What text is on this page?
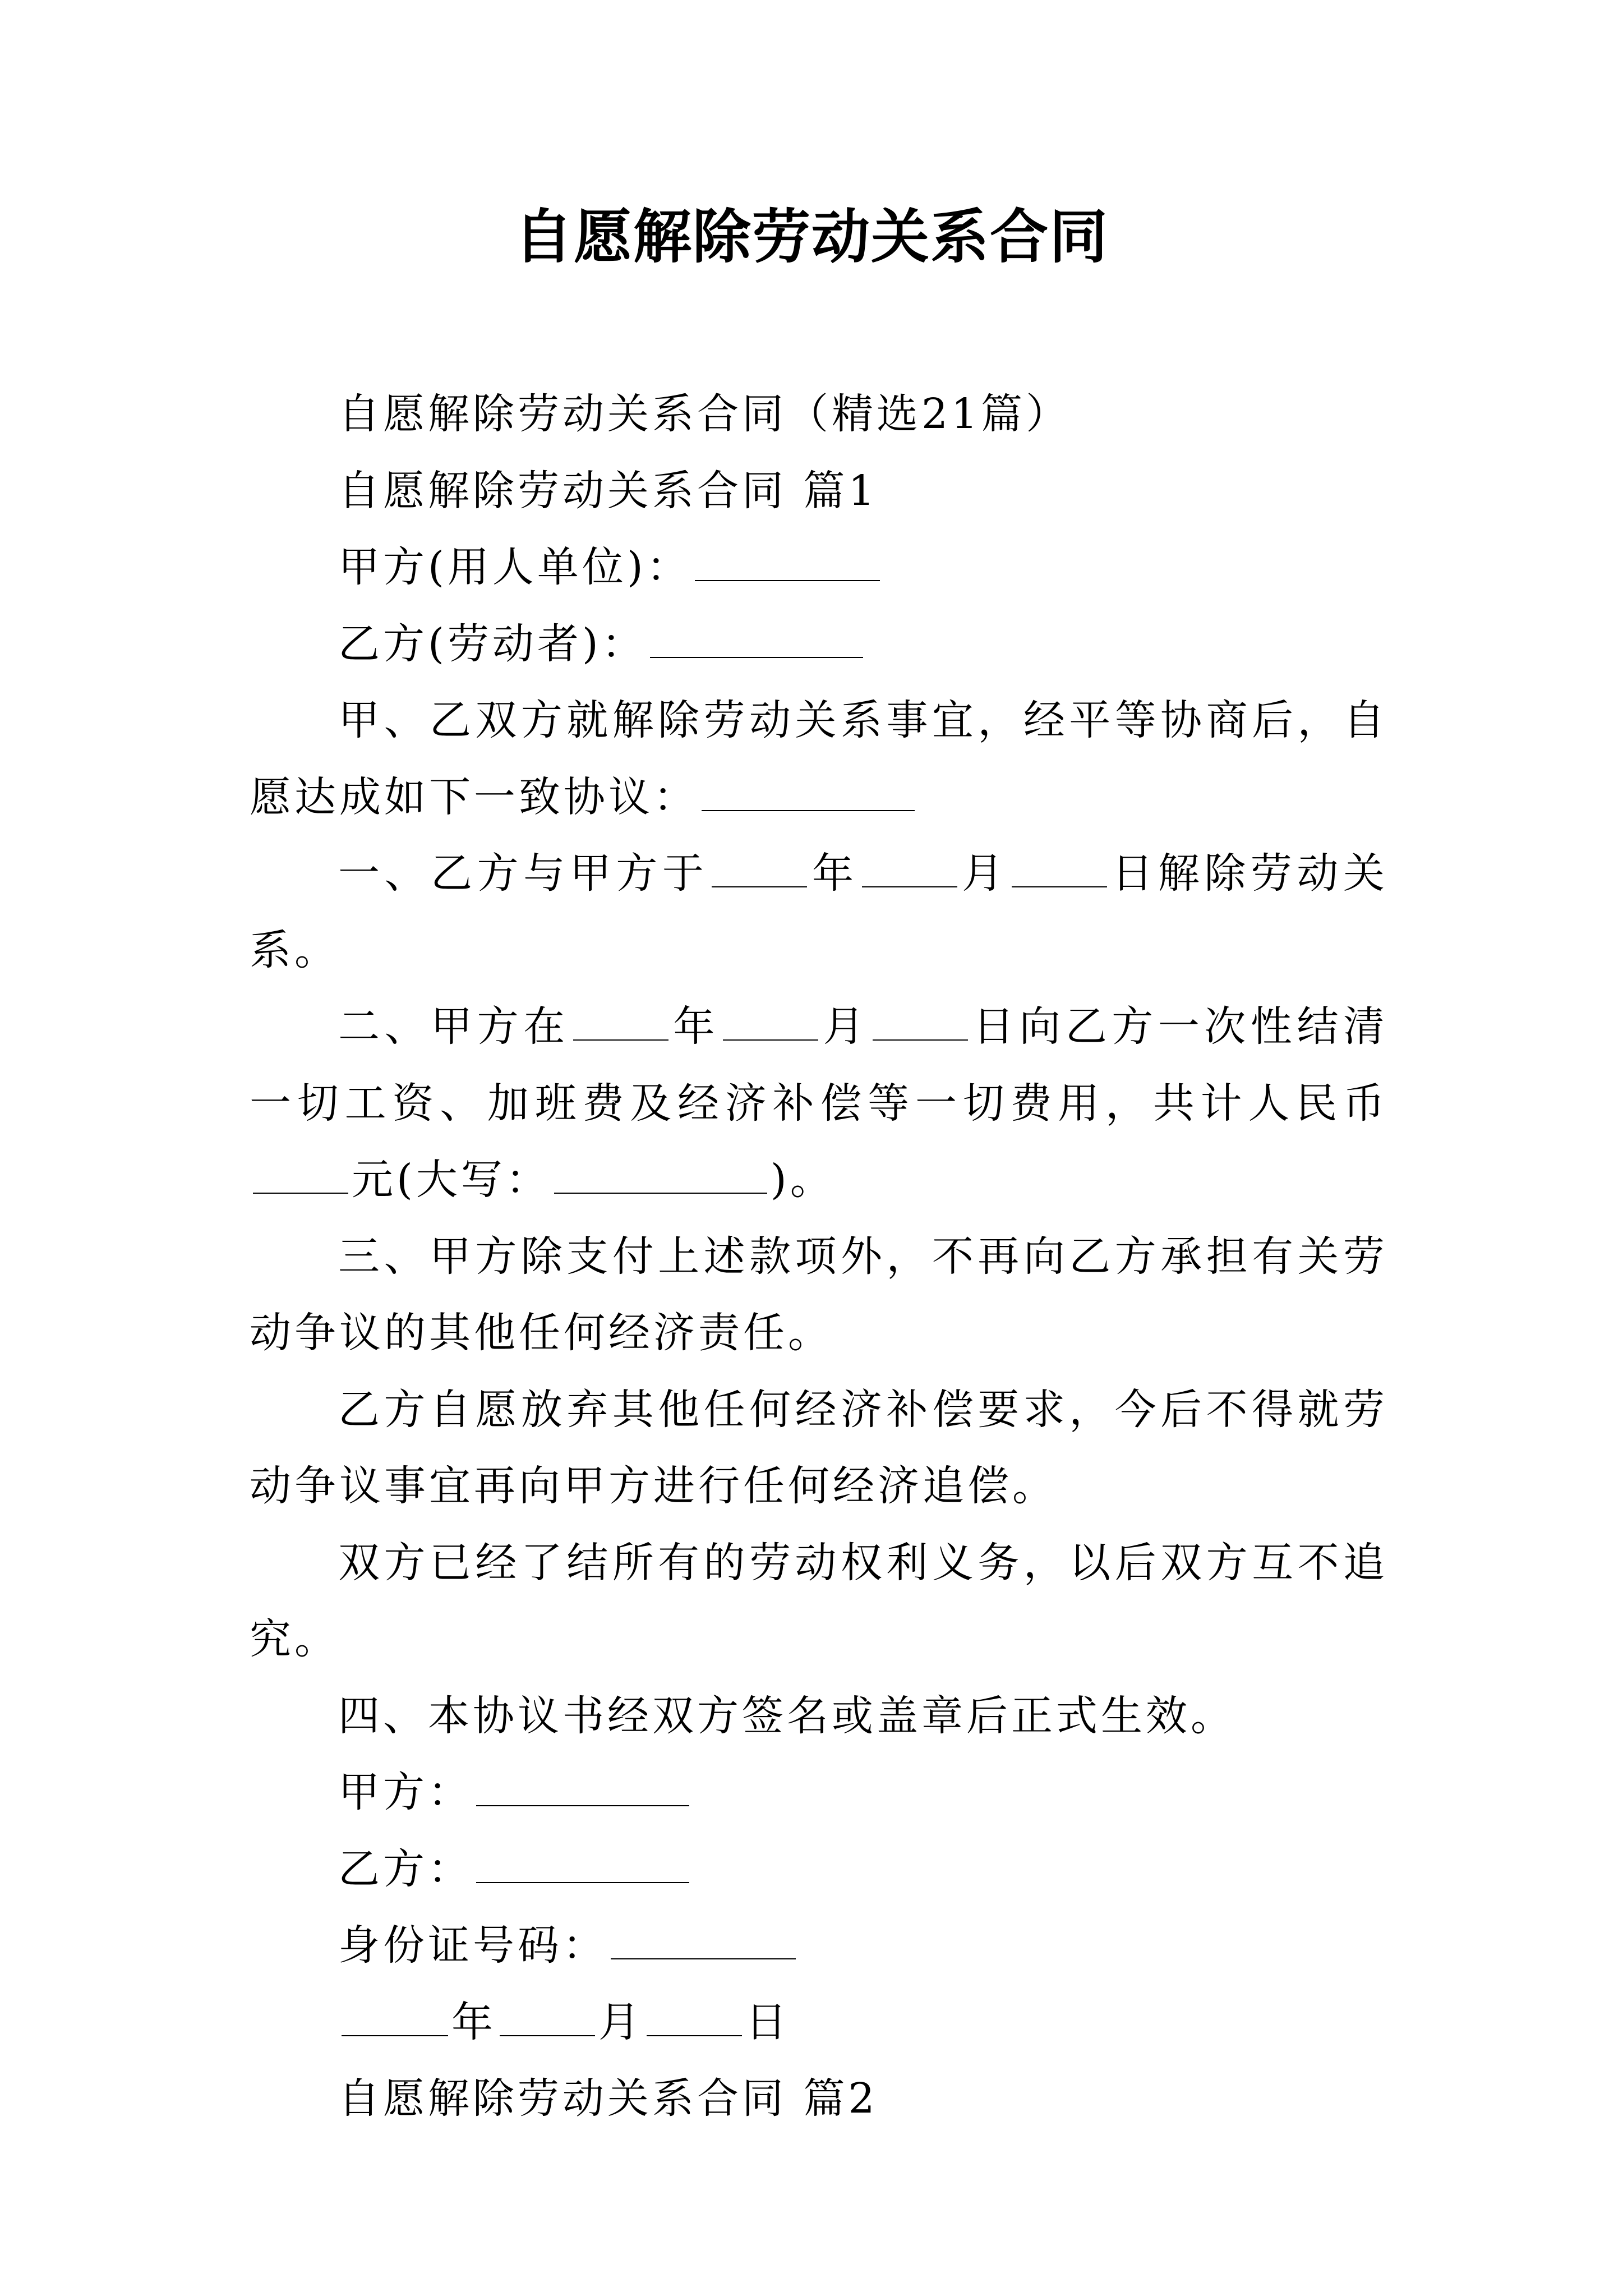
自愿解除劳动关系合同

自愿解除劳动关系合同（精选21篇）

自愿解除劳动关系合同 篇1

甲方(用人单位)：

乙方(劳动者)：

甲、乙双方就解除劳动关系事宜，经平等协商后，自愿达成如下一致协议：

一、乙方与甲方于 年 月 日解除劳动关系。

二、甲方在 年 月 日向乙方一次性结清一切工资、加班费及经济补偿等一切费用，共计人民币元(大写：	)。

三、甲方除支付上述款项外，不再向乙方承担有关劳动争议的其他任何经济责任。

乙方自愿放弃其他任何经济补偿要求，今后不得就劳动争议事宜再向甲方进行任何经济追偿。

双方已经了结所有的劳动权利义务，以后双方互不追究。

四、本协议书经双方签名或盖章后正式生效。

甲方：

乙方：

身份证号码：

年 月 日

自愿解除劳动关系合同 篇2
